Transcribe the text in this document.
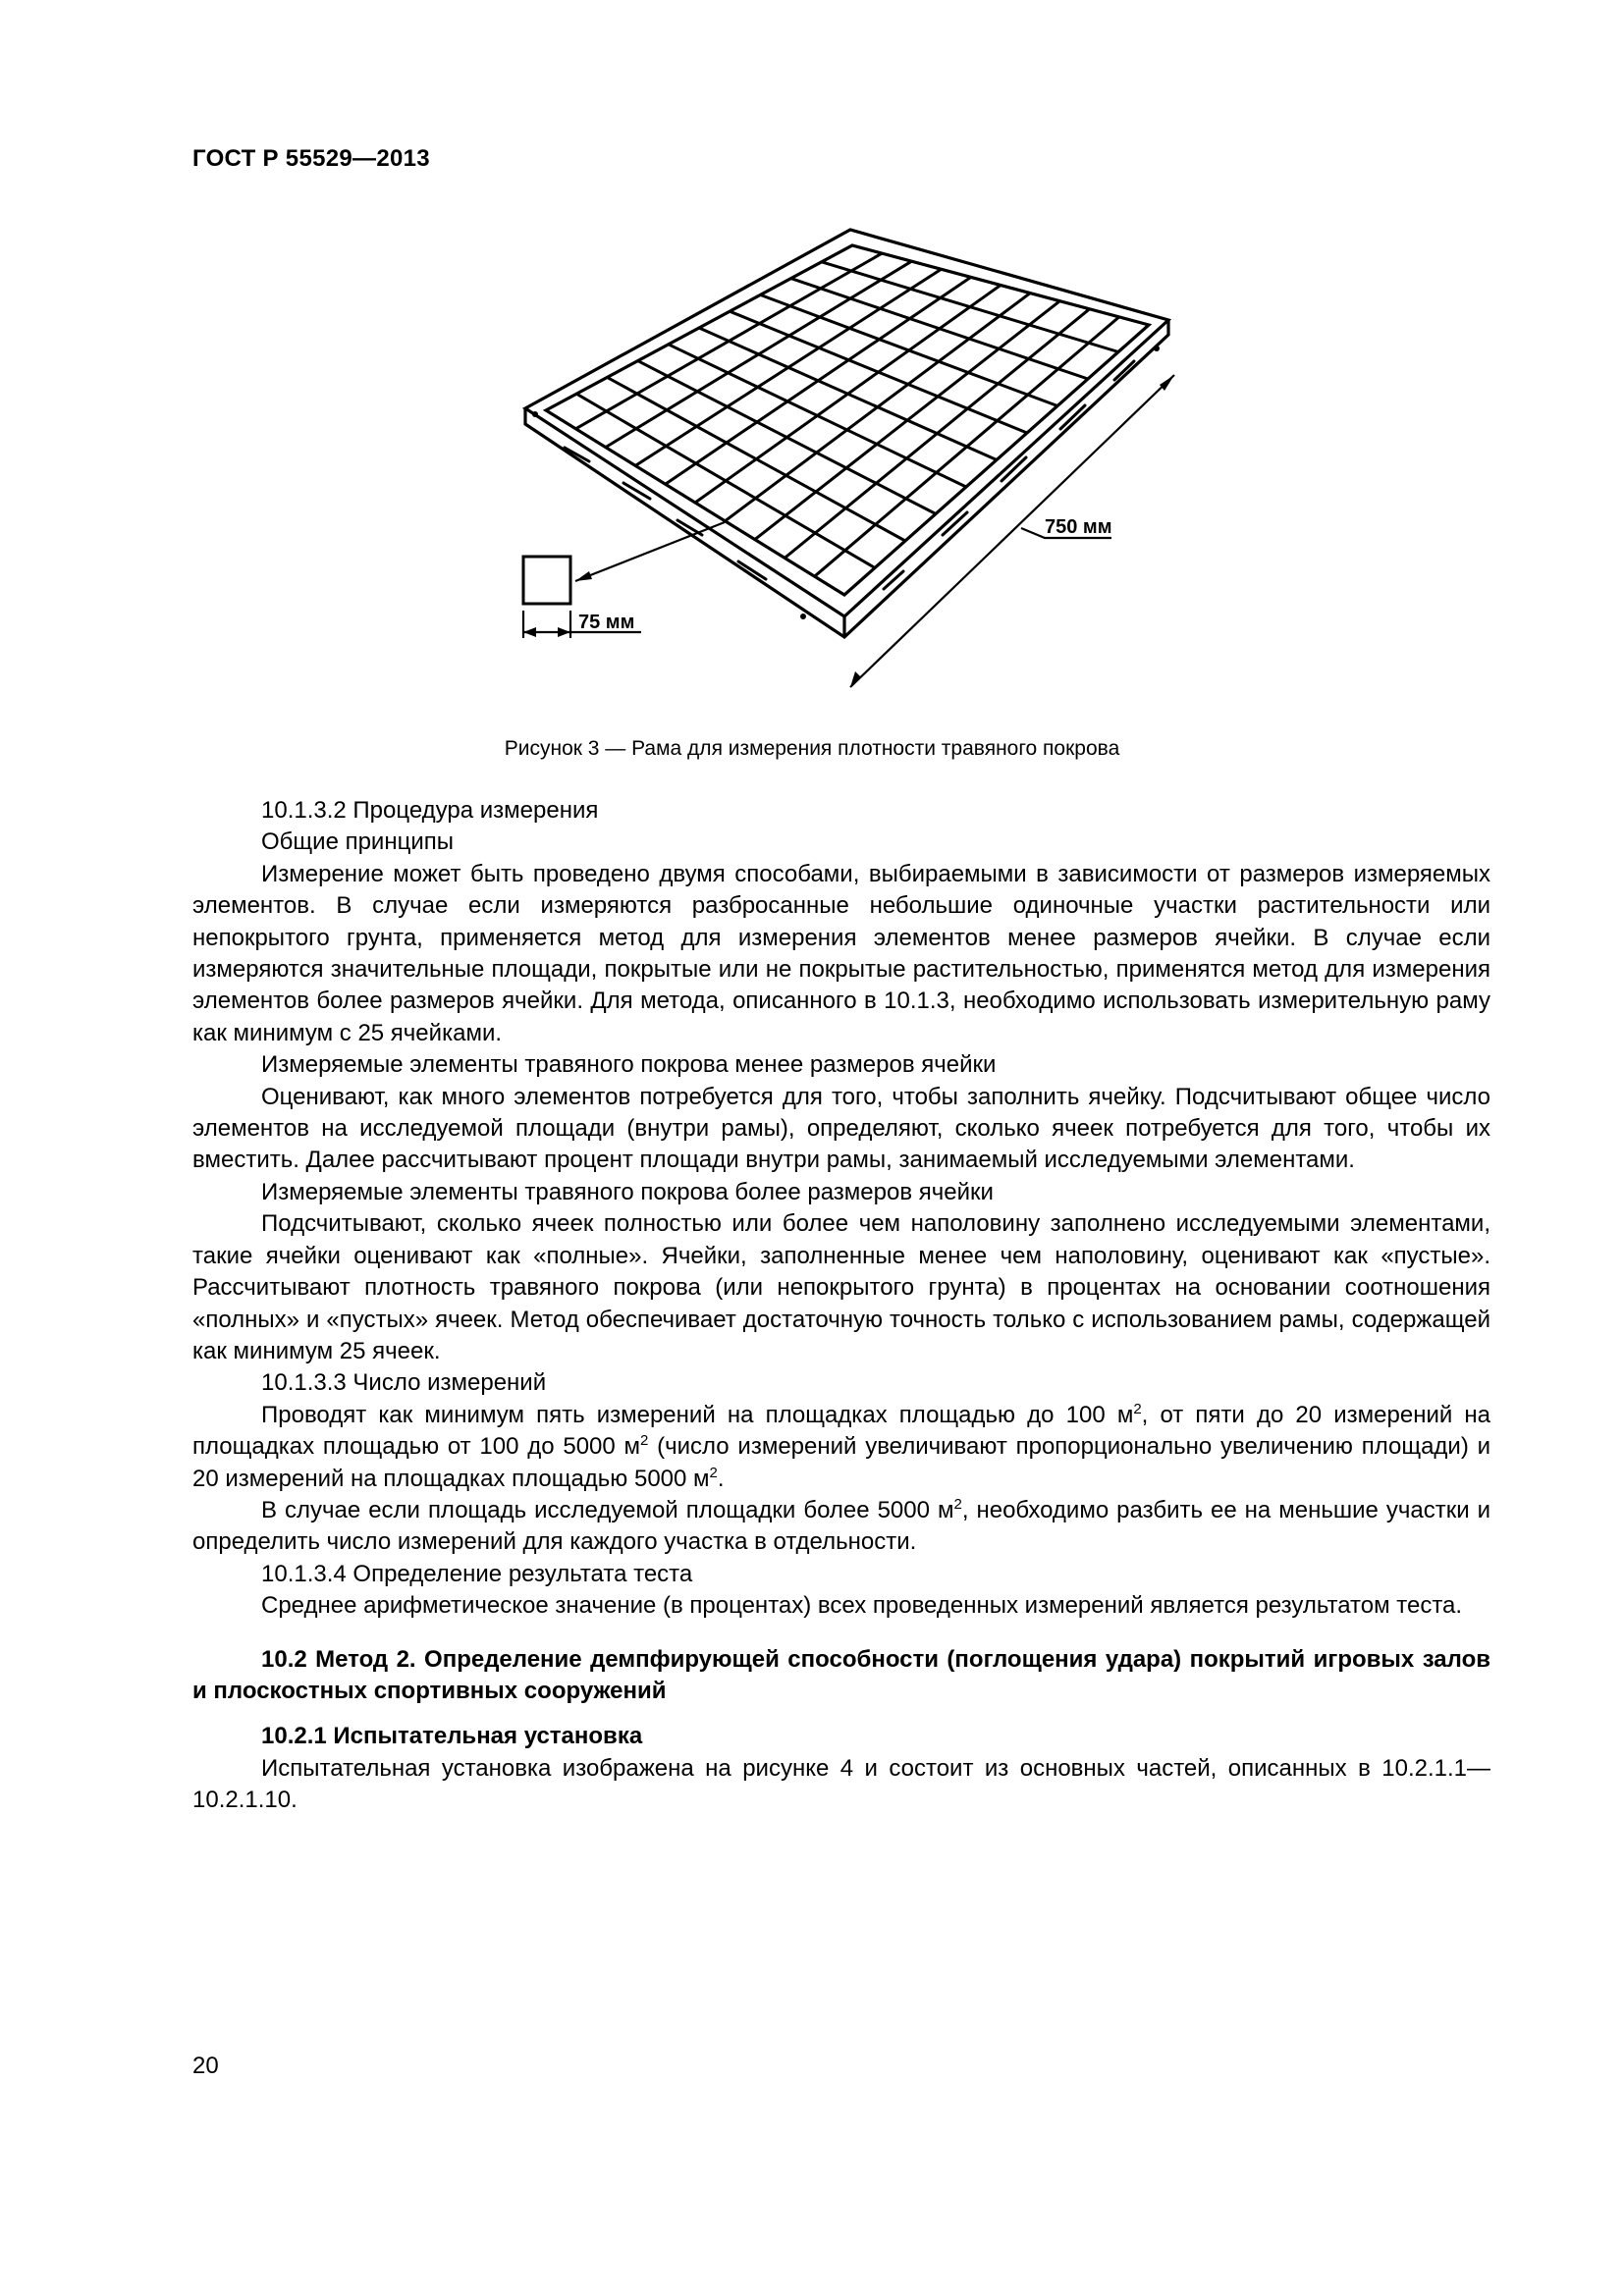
ГОСТ Р 55529—2013
750 мм
75 мм
Рисунок 3 — Рама для измерения плотности травяного покрова

10.1.3.2 Процедура измерения

Общие принципы

Измерение может быть проведено двумя способами, выбираемыми в зависимости от размеров измеряемых элементов. В случае если измеряются разбросанные небольшие одиночные участки растительности или непокрытого грунта, применяется метод для измерения элементов менее размеров ячейки. В случае если измеряются значительные площади, покрытые или не покрытые растительностью, применятся метод для измерения элементов более размеров ячейки. Для метода, описанного в 10.1.3, необходимо использовать измерительную раму как минимум с 25 ячейками.

Измеряемые элементы травяного покрова менее размеров ячейки

Оценивают, как много элементов потребуется для того, чтобы заполнить ячейку. Подсчитывают общее число элементов на исследуемой площади (внутри рамы), определяют, сколько ячеек потребуется для того, чтобы их вместить. Далее рассчитывают процент площади внутри рамы, занимаемый исследуемыми элементами.

Измеряемые элементы травяного покрова более размеров ячейки

Подсчитывают, сколько ячеек полностью или более чем наполовину заполнено исследуемыми элементами, такие ячейки оценивают как «полные». Ячейки, заполненные менее чем наполовину, оценивают как «пустые». Рассчитывают плотность травяного покрова (или непокрытого грунта) в процентах на основании соотношения «полных» и «пустых» ячеек. Метод обеспечивает достаточную точность только с использованием рамы, содержащей как минимум 25 ячеек.

10.1.3.3 Число измерений

Проводят как минимум пять измерений на площадках площадью до 100 $м^2$, от пяти до 20 измерений на площадках площадью от 100 до 5000 $м^2$ (число измерений увеличивают пропорционально увеличению площади) и 20 измерений на площадках площадью 5000 $м^2$.

В случае если площадь исследуемой площадки более 5000 $м^2$, необходимо разбить ее на меньшие участки и определить число измерений для каждого участка в отдельности.

10.1.3.4 Определение результата теста

Среднее арифметическое значение (в процентах) всех проведенных измерений является результатом теста.

10.2 Метод 2. Определение демпфирующей способности (поглощения удара) покрытий игровых залов и плоскостных спортивных сооружений

10.2.1 Испытательная установка

Испытательная установка изображена на рисунке 4 и состоит из основных частей, описанных в 10.2.1.1—10.2.1.10.

20
